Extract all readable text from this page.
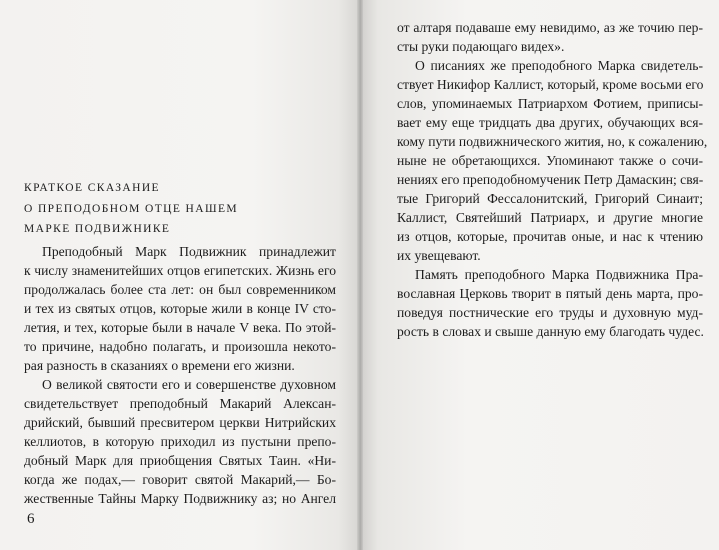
КРАТКОЕ СКАЗАНИЕ
О ПРЕПОДОБНОМ ОТЦЕ НАШЕМ
МАРКЕ ПОДВИЖНИКЕ
Преподобный Марк Подвижник принадлежит
к числу знаменитейших отцов египетских. Жизнь его
продолжалась более ста лет: он был современником
и тех из святых отцов, которые жили в конце IV сто-
летия, и тех, которые были в начале V века. По этой-
то причине, надобно полагать, и произошла некото-
рая разность в сказаниях о времени его жизни.
О великой святости его и совершенстве духовном
свидетельствует преподобный Макарий Алексан-
дрийский, бывший пресвитером церкви Нитрийских
келлиотов, в которую приходил из пустыни препо-
добный Марк для приобщения Святых Таин. «Ни-
когда же подах,— говорит святой Макарий,— Бо-
жественные Тайны Марку Подвижнику аз; но Ангел
6
от алтаря подаваше ему невидимо, аз же точию пер-
сты руки подающаго видех».
О писаниях же преподобного Марка свидетель-
ствует Никифор Каллист, который, кроме восьми его
слов, упоминаемых Патриархом Фотием, приписы-
вает ему еще тридцать два других, обучающих вся-
кому пути подвижнического жития, но, к сожалению,
ныне не обретающихся. Упоминают также о сочи-
нениях его преподобномученик Петр Дамаскин; свя-
тые Григорий Фессалонитский, Григорий Синаит;
Каллист, Святейший Патриарх, и другие многие
из отцов, которые, прочитав оные, и нас к чтению
их увещевают.
Память преподобного Марка Подвижника Пра-
вославная Церковь творит в пятый день марта, про-
поведуя постнические его труды и духовную муд-
рость в словах и свыше данную ему благодать чудес.
